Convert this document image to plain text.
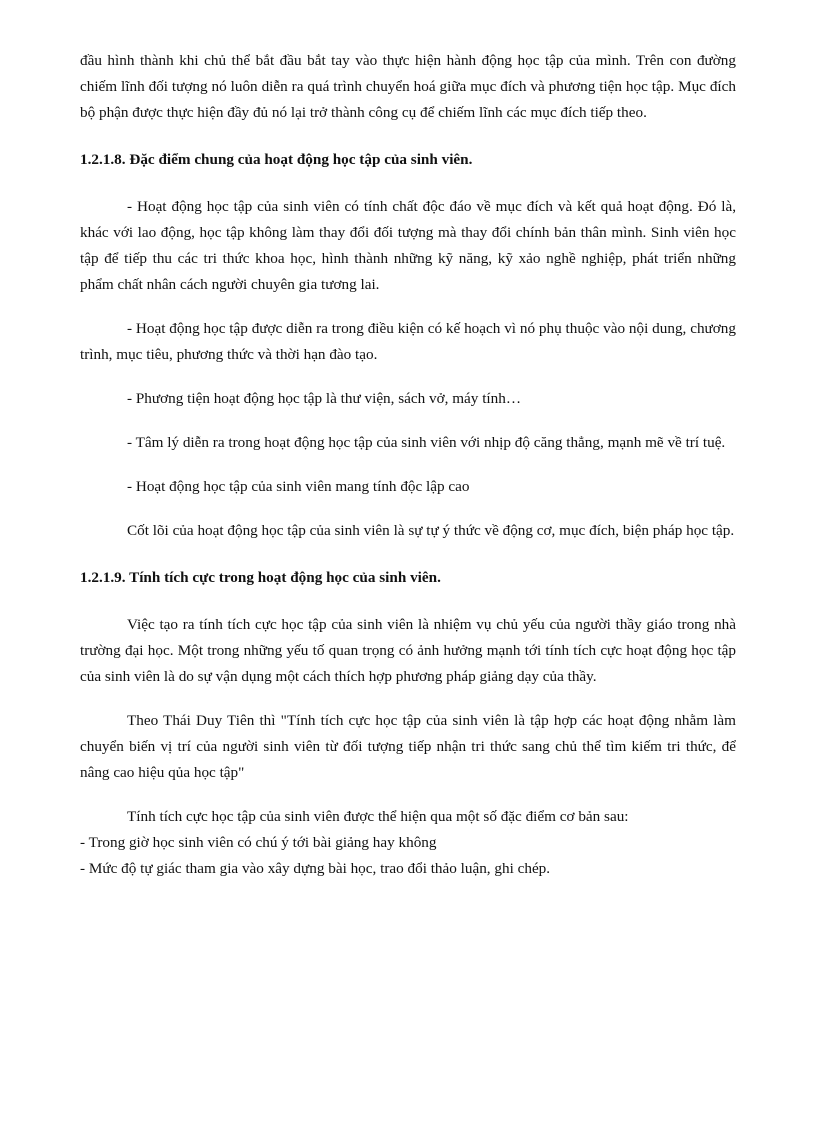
đầu hình thành khi chủ thể bắt đầu bắt tay vào thực hiện hành động học tập của mình. Trên con đường chiếm lĩnh đối tượng nó luôn diễn ra quá trình chuyển hoá giữa mục đích và phương tiện học tập. Mục đích bộ phận được thực hiện đầy đủ nó lại trở thành công cụ để chiếm lĩnh các mục đích tiếp theo.

1.2.1.8. Đặc điểm chung của hoạt động học tập của sinh viên.

- Hoạt động học tập của sinh viên có tính chất độc đáo về mục đích và kết quả hoạt động. Đó là, khác với lao động, học tập không làm thay đổi đối tượng mà thay đổi chính bản thân mình. Sinh viên học tập để tiếp thu các tri thức khoa học, hình thành những kỹ năng, kỹ xảo nghề nghiệp, phát triển những phẩm chất nhân cách người chuyên gia tương lai.

- Hoạt động học tập được diễn ra trong điều kiện có kế hoạch vì nó phụ thuộc vào nội dung, chương trình, mục tiêu, phương thức và thời hạn đào tạo.

- Phương tiện hoạt động học tập là thư viện, sách vở, máy tính…

- Tâm lý diễn ra trong hoạt động học tập của sinh viên với nhịp độ căng thẳng, mạnh mẽ về trí tuệ.

- Hoạt động học tập của sinh viên mang tính độc lập cao

Cốt lõi của hoạt động học tập của sinh viên là sự tự ý thức về động cơ, mục đích, biện pháp học tập.

1.2.1.9. Tính tích cực trong hoạt động học của sinh viên.

Việc tạo ra tính tích cực học tập của sinh viên là nhiệm vụ chủ yếu của người thầy giáo trong nhà trường đại học. Một trong những yếu tố quan trọng có ảnh hưởng mạnh tới tính tích cực hoạt động học tập của sinh viên là do sự vận dụng một cách thích hợp phương pháp giảng dạy của thầy.

Theo Thái Duy Tiên thì "Tính tích cực học tập của sinh viên là tập hợp các hoạt động nhằm làm chuyển biến vị trí của người sinh viên từ đối tượng tiếp nhận tri thức sang chủ thể tìm kiếm tri thức, để nâng cao hiệu qủa học tập"

Tính tích cực học tập của sinh viên được thể hiện qua một số đặc điểm cơ bản sau:

- Trong giờ học sinh viên có chú ý tới bài giảng hay không

- Mức độ tự giác tham gia vào xây dựng bài học, trao đổi thảo luận, ghi chép.
